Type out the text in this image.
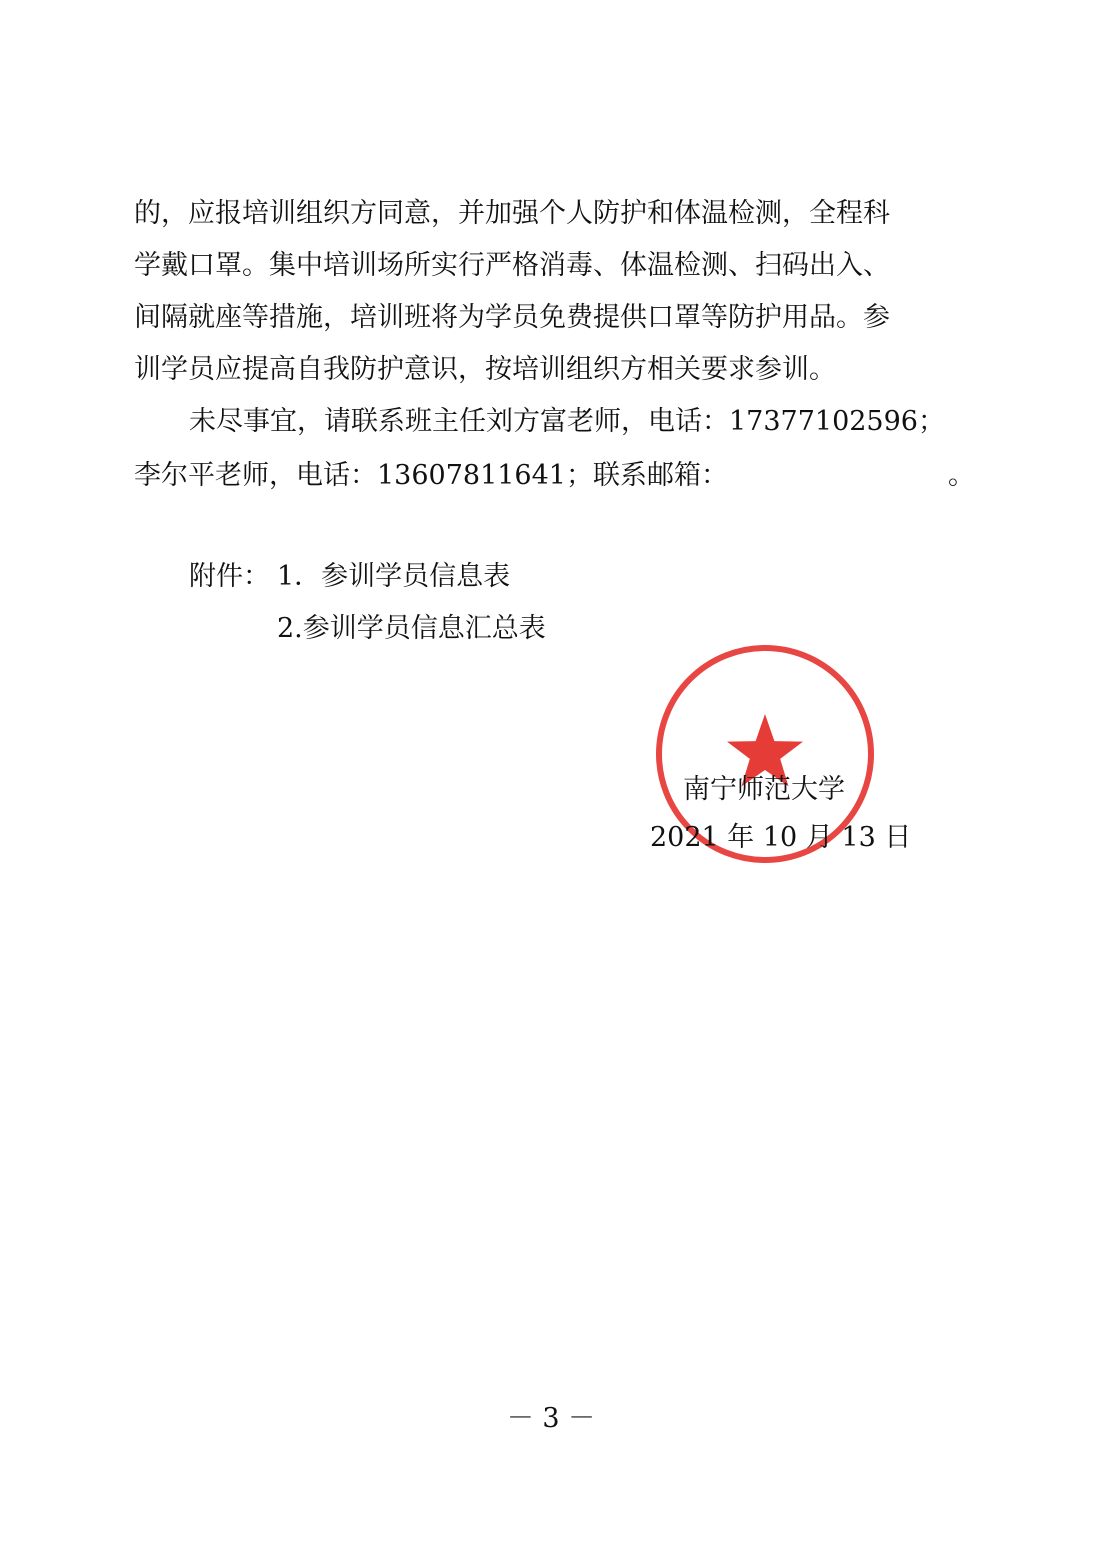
的，应报培训组织方同意，并加强个人防护和体温检测，全程科

学戴口罩。集中培训场所实行严格消毒、体温检测、扫码出入、

间隔就座等措施，培训班将为学员免费提供口罩等防护用品。参

训学员应提高自我防护意识，按培训组织方相关要求参训。

未尽事宜，请联系班主任刘方富老师，电话：17377102596；

李尔平老师，电话：13607811641；联系邮箱：	。

附件： 1．参训学员信息表

2.参训学员信息汇总表

南宁师范大学
2021 年 10 月 13 日
－ 3 －
